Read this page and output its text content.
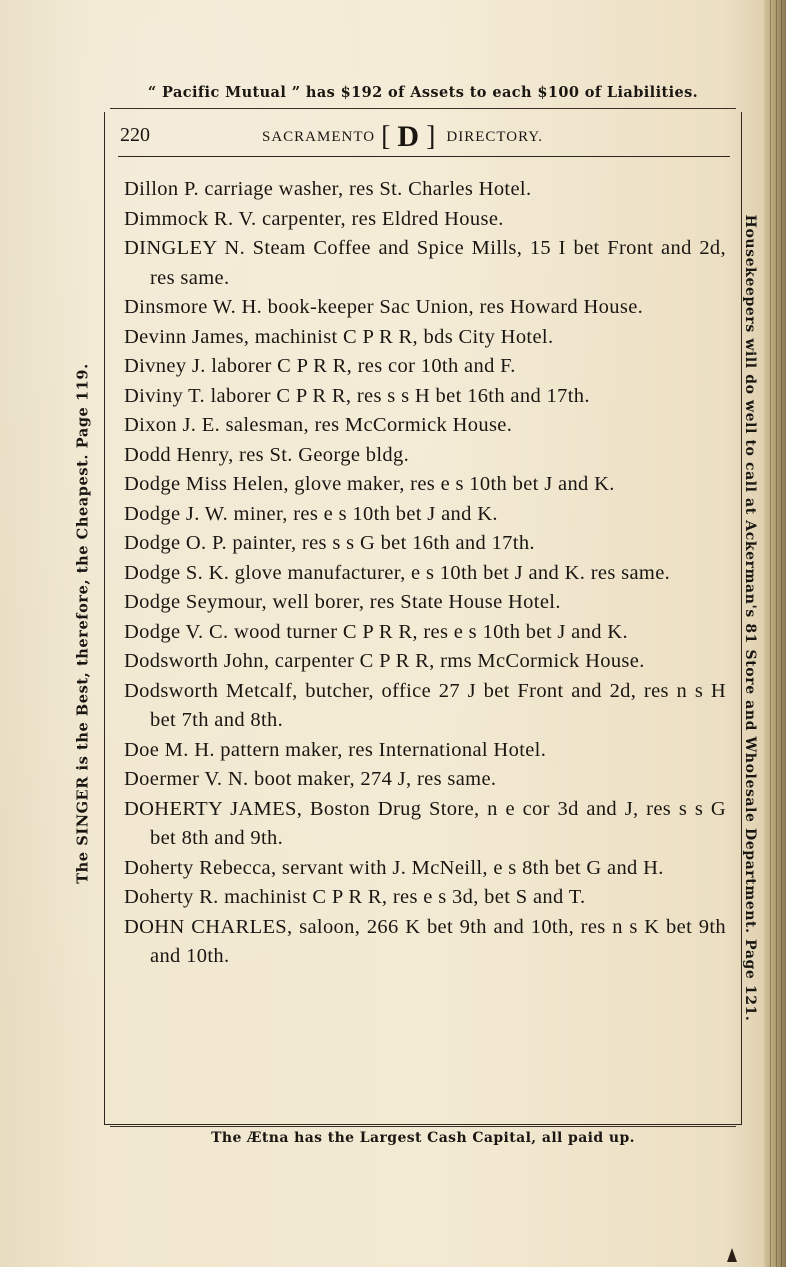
“ Pacific Mutual ” has $192 of Assets to each $100 of Liabilities.
220	SACRAMENTO [ D ] DIRECTORY.
Dillon P. carriage washer, res St. Charles Hotel.
Dimmock R. V. carpenter, res Eldred House.
DINGLEY N. Steam Coffee and Spice Mills, 15 I bet Front and 2d, res same.
Dinsmore W. H. book-keeper Sac Union, res Howard House.
Devinn James, machinist C P R R, bds City Hotel.
Divney J. laborer C P R R, res cor 10th and F.
Diviny T. laborer C P R R, res s s H bet 16th and 17th.
Dixon J. E. salesman, res McCormick House.
Dodd Henry, res St. George bldg.
Dodge Miss Helen, glove maker, res e s 10th bet J and K.
Dodge J. W. miner, res e s 10th bet J and K.
Dodge O. P. painter, res s s G bet 16th and 17th.
Dodge S. K. glove manufacturer, e s 10th bet J and K. res same.
Dodge Seymour, well borer, res State House Hotel.
Dodge V. C. wood turner C P R R, res e s 10th bet J and K.
Dodsworth John, carpenter C P R R, rms McCormick House.
Dodsworth Metcalf, butcher, office 27 J bet Front and 2d, res n s H bet 7th and 8th.
Doe M. H. pattern maker, res International Hotel.
Doermer V. N. boot maker, 274 J, res same.
DOHERTY JAMES, Boston Drug Store, n e cor 3d and J, res s s G bet 8th and 9th.
Doherty Rebecca, servant with J. McNeill, e s 8th bet G and H.
Doherty R. machinist C P R R, res e s 3d, bet S and T.
DOHN CHARLES, saloon, 266 K bet 9th and 10th, res n s K bet 9th and 10th.
The Ætna has the Largest Cash Capital, all paid up.
The SINGER is the Best, therefore, the Cheapest. Page 119.	Housekeepers will do well to call at Ackerman's 81 Store and Wholesale Department. Page 121.
